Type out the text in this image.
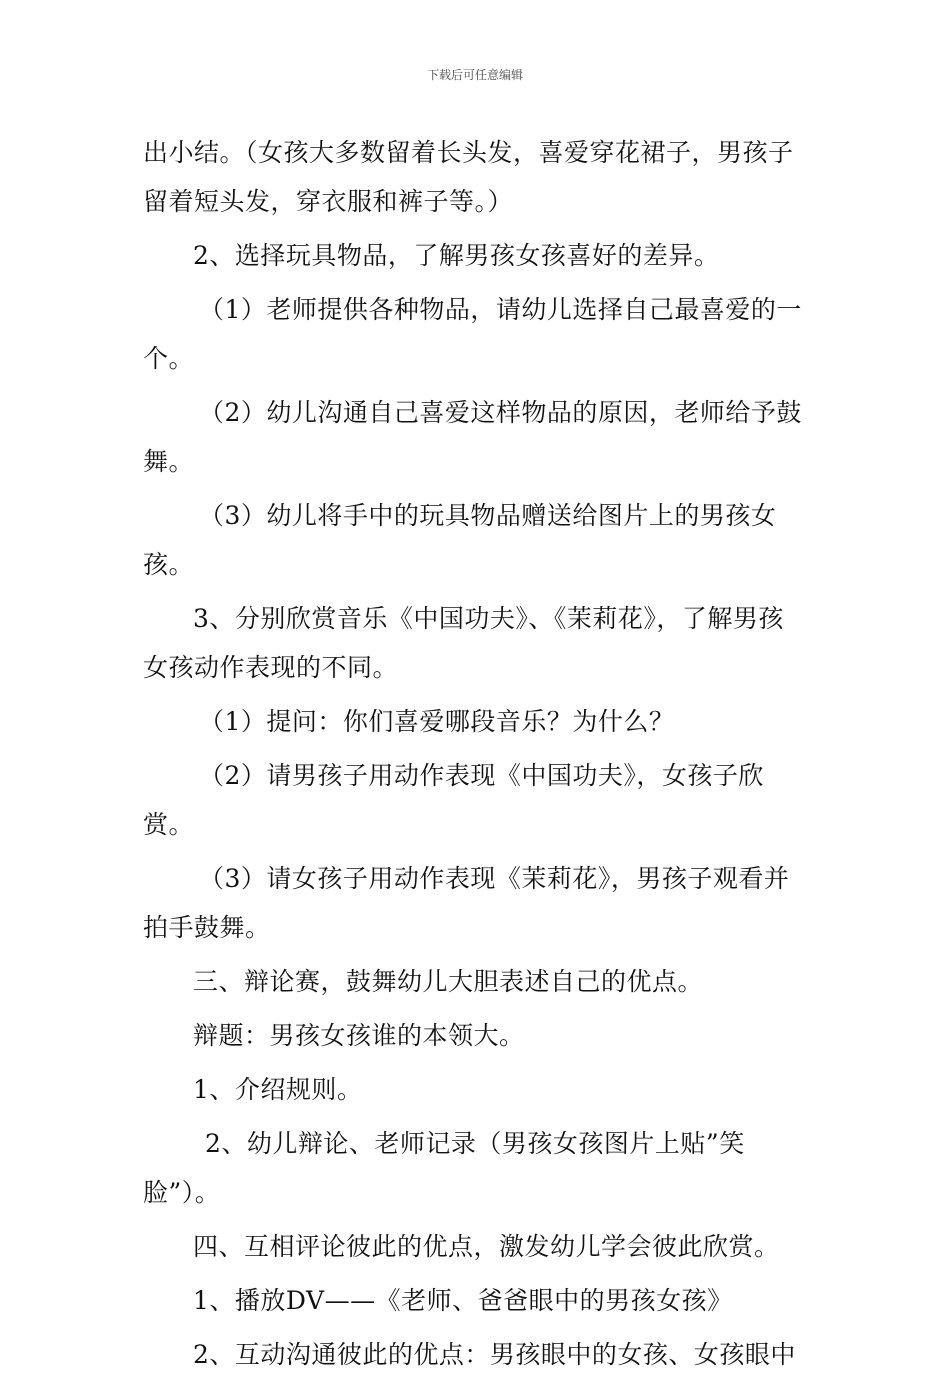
下载后可任意编辑

出小结。（女孩大多数留着长头发，喜爱穿花裙子，男孩子留着短头发，穿衣服和裤子等。）

2、选择玩具物品，了解男孩女孩喜好的差异。

（1）老师提供各种物品，请幼儿选择自己最喜爱的一个。

（2）幼儿沟通自己喜爱这样物品的原因，老师给予鼓舞。

（3）幼儿将手中的玩具物品赠送给图片上的男孩女孩。

3、分别欣赏音乐《中国功夫》、《茉莉花》，了解男孩女孩动作表现的不同。

（1）提问：你们喜爱哪段音乐？为什么？

（2）请男孩子用动作表现《中国功夫》，女孩子欣赏。

（3）请女孩子用动作表现《茉莉花》，男孩子观看并拍手鼓舞。

三、辩论赛，鼓舞幼儿大胆表述自己的优点。

辩题：男孩女孩谁的本领大。

1、介绍规则。

2、幼儿辩论、老师记录（男孩女孩图片上贴”笑脸”）。

四、互相评论彼此的优点，激发幼儿学会彼此欣赏。

1、播放DV——《老师、爸爸眼中的男孩女孩》

2、互动沟通彼此的优点：男孩眼中的女孩、女孩眼中
